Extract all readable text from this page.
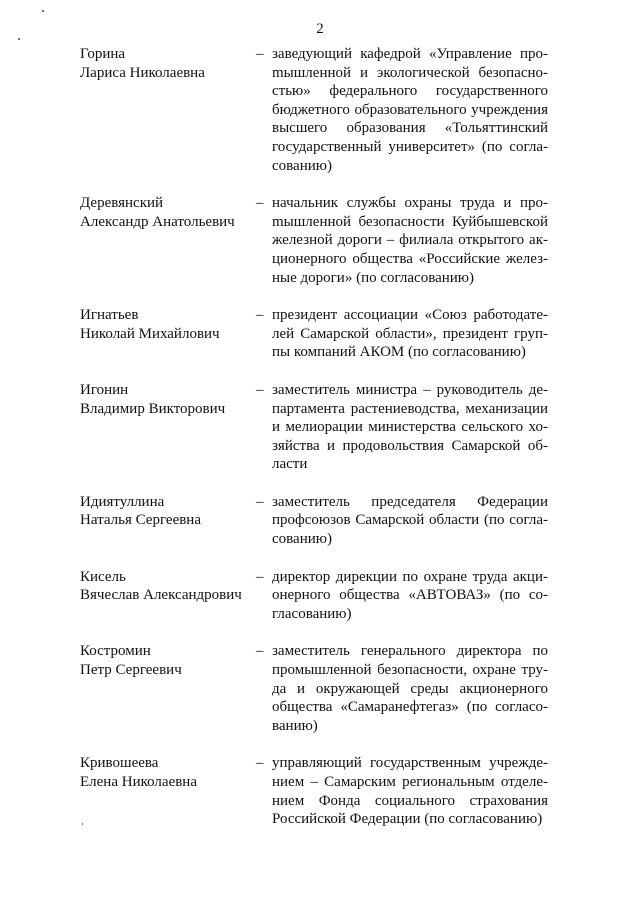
2
Горина
Лариса Николаевна
– заведующий кафедрой «Управление проmышленной и экологической безопасностью» федерального государственного бюджетного образовательного учреждения высшего образования «Тольяттинский государственный университет» (по согласованию)
Деревянский
Александр Анатольевич
– начальник службы охраны труда и проmышленной безопасности Куйбышевской железной дороги – филиала открытого акционерного общества «Российские железные дороги» (по согласованию)
Игнатьев
Николай Михайлович
– президент ассоциации «Союз работодателей Самарской области», президент группы компаний АКОМ (по согласованию)
Игонин
Владимир Викторович
– заместитель министра – руководитель департамента растениеводства, механизации и мелиорации министерства сельского хозяйства и продовольствия Самарской области
Идиятуллина
Наталья Сергеевна
– заместитель председателя Федерации профсоюзов Самарской области (по согласованию)
Кисель
Вячеслав Александрович
– директор дирекции по охране труда акционерного общества «АВТОВАЗ» (по согласованию)
Костромин
Петр Сергеевич
– заместитель генерального директора по промышленной безопасности, охране труда и окружающей среды акционерного общества «Самаранефтегаз» (по согласованию)
Кривошеева
Елена Николаевна
– управляющий государственным учреждением – Самарским региональным отделением Фонда социального страхования Российской Федерации (по согласованию)
